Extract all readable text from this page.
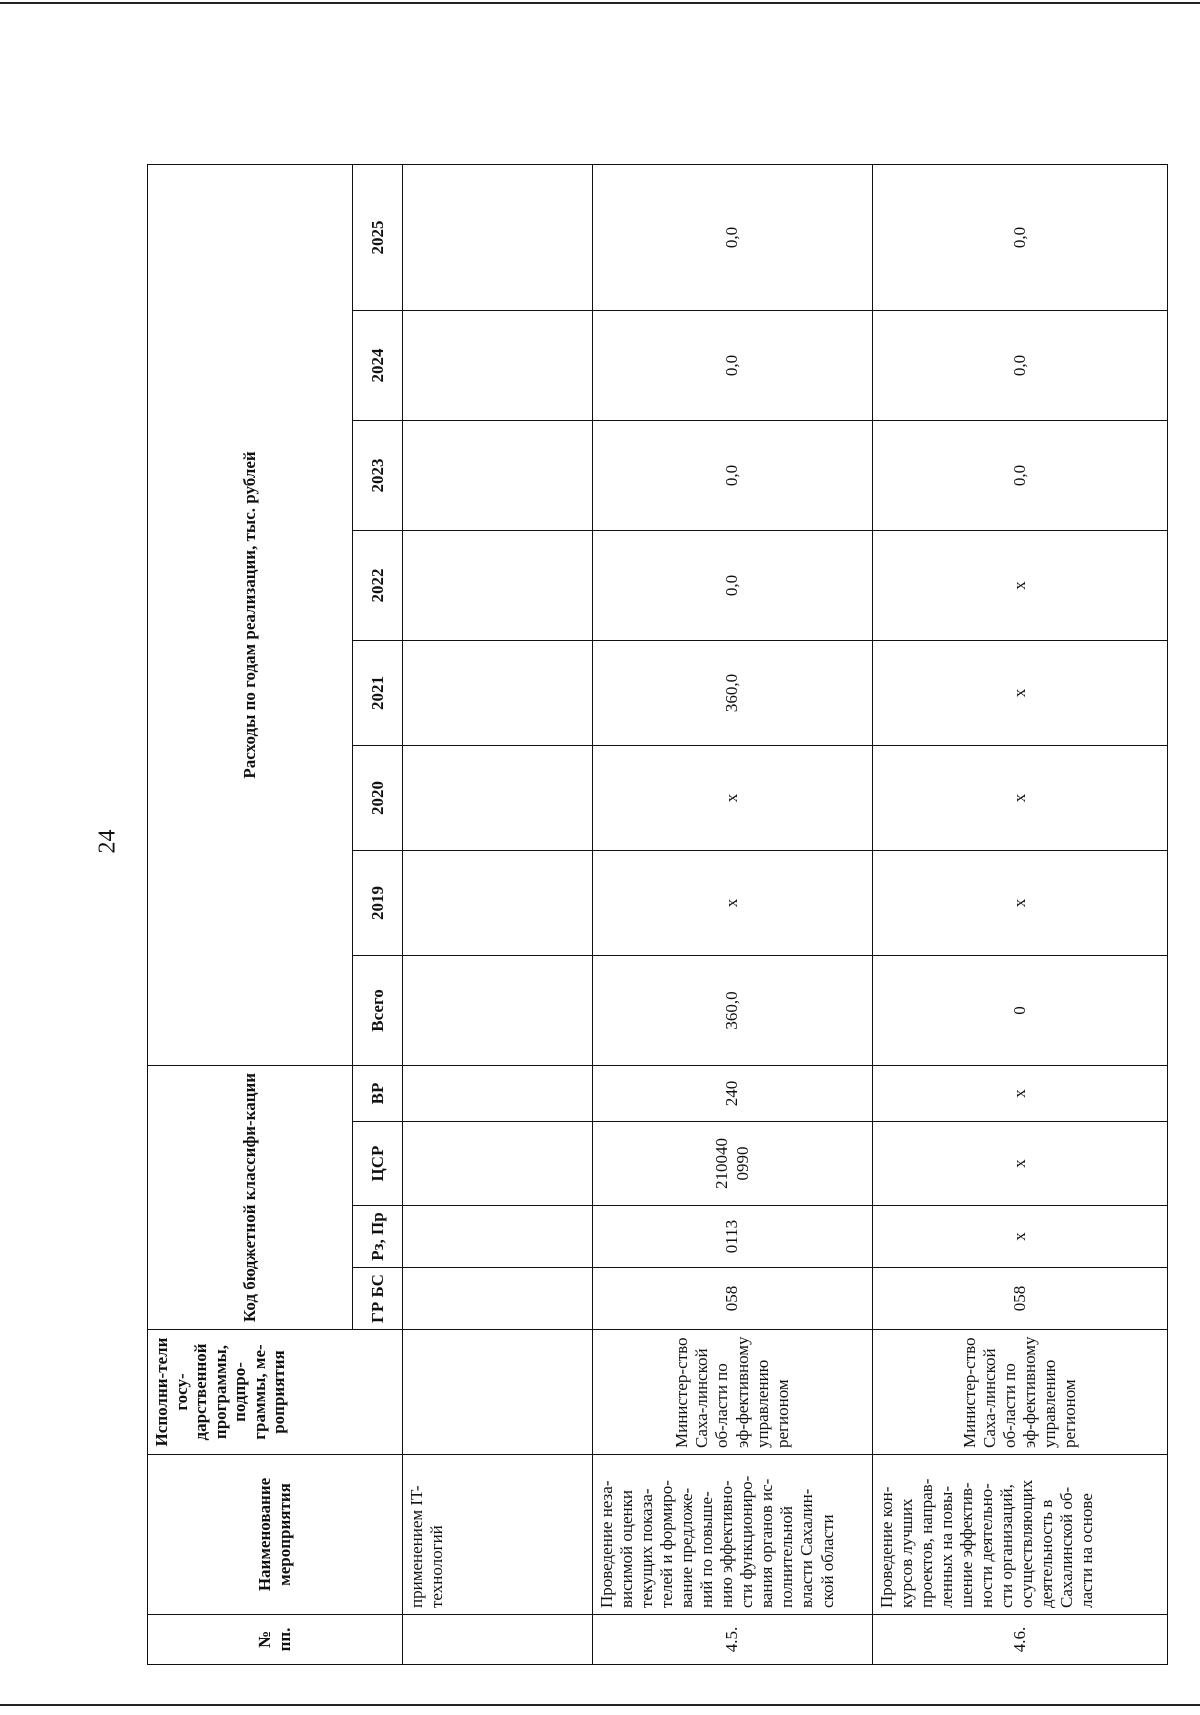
24
№ пп.	Наименование мероприятия	Исполни-тели госу-дарственной программы, подпро-граммы, ме-роприятия	Код бюджетной классифи-кации				Расходы по годам реализации, тыс. рублей							
			ГР БС	Рз, Пр	ЦСР	ВР	Всего	2019	2020	2021	2022	2023	2024	2025
	применением IT-технологий													
4.5.	Проведение неза-висимой оценки текущих показа-телей и формиро-вание предложе-ний по повыше-нию эффективно-сти функциониро-вания органов ис-полнительной власти Сахалин-ской области	Министер-ство Саха-линской об-ласти по эф-фективному управлению регионом	058	0113	210040 0990	240	360,0	х	х	360,0	0,0	0,0	0,0	0,0
4.6.	Проведение кон-курсов лучших проектов, направ-ленных на повы-шение эффектив-ности деятельно-сти организаций, осуществляющих деятельность в Сахалинской об-ласти на основе	Министер-ство Саха-линской об-ласти по эф-фективному управлению регионом	058	х	х	х	0	х	х	х	х	0,0	0,0	0,0
